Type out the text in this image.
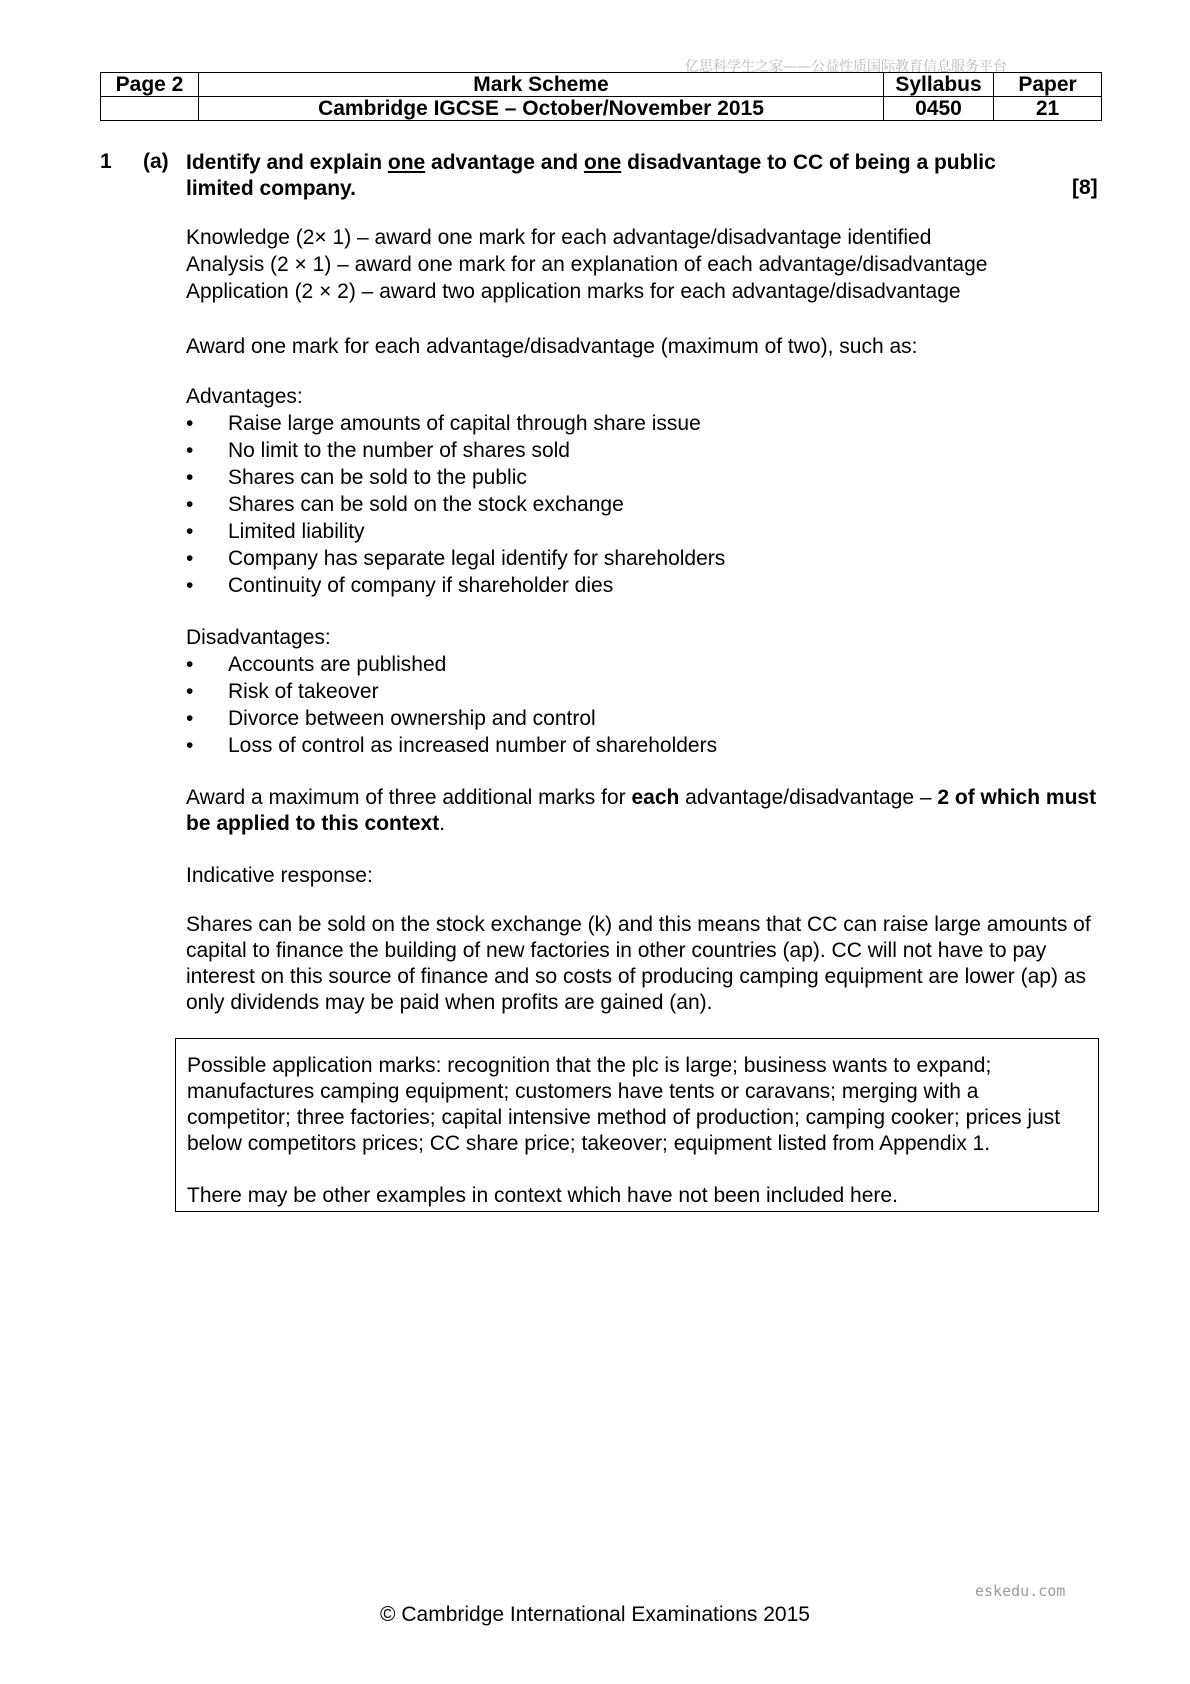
亿思科学生之家——公益性质国际教育信息服务平台
Page 2	Mark Scheme	Syllabus	Paper
	Cambridge IGCSE – October/November 2015	0450	21
1 (a) Identify and explain one advantage and one disadvantage to CC of being a public limited company.	[8]

Knowledge (2× 1) – award one mark for each advantage/disadvantage identified

Analysis (2 × 1) – award one mark for an explanation of each advantage/disadvantage

Application (2 × 2) – award two application marks for each advantage/disadvantage

Award one mark for each advantage/disadvantage (maximum of two), such as:

Advantages:

• Raise large amounts of capital through share issue
• No limit to the number of shares sold
• Shares can be sold to the public
• Shares can be sold on the stock exchange
• Limited liability
• Company has separate legal identify for shareholders
• Continuity of company if shareholder dies

Disadvantages:

• Accounts are published
• Risk of takeover
• Divorce between ownership and control
• Loss of control as increased number of shareholders

Award a maximum of three additional marks for each advantage/disadvantage – 2 of which must be applied to this context.

Indicative response:

Shares can be sold on the stock exchange (k) and this means that CC can raise large amounts of capital to finance the building of new factories in other countries (ap). CC will not have to pay interest on this source of finance and so costs of producing camping equipment are lower (ap) as only dividends may be paid when profits are gained (an).

Possible application marks: recognition that the plc is large; business wants to expand; manufactures camping equipment; customers have tents or caravans; merging with a competitor; three factories; capital intensive method of production; camping cooker; prices just below competitors prices; CC share price; takeover; equipment listed from Appendix 1.

There may be other examples in context which have not been included here.

eskedu.com
© Cambridge International Examinations 2015
